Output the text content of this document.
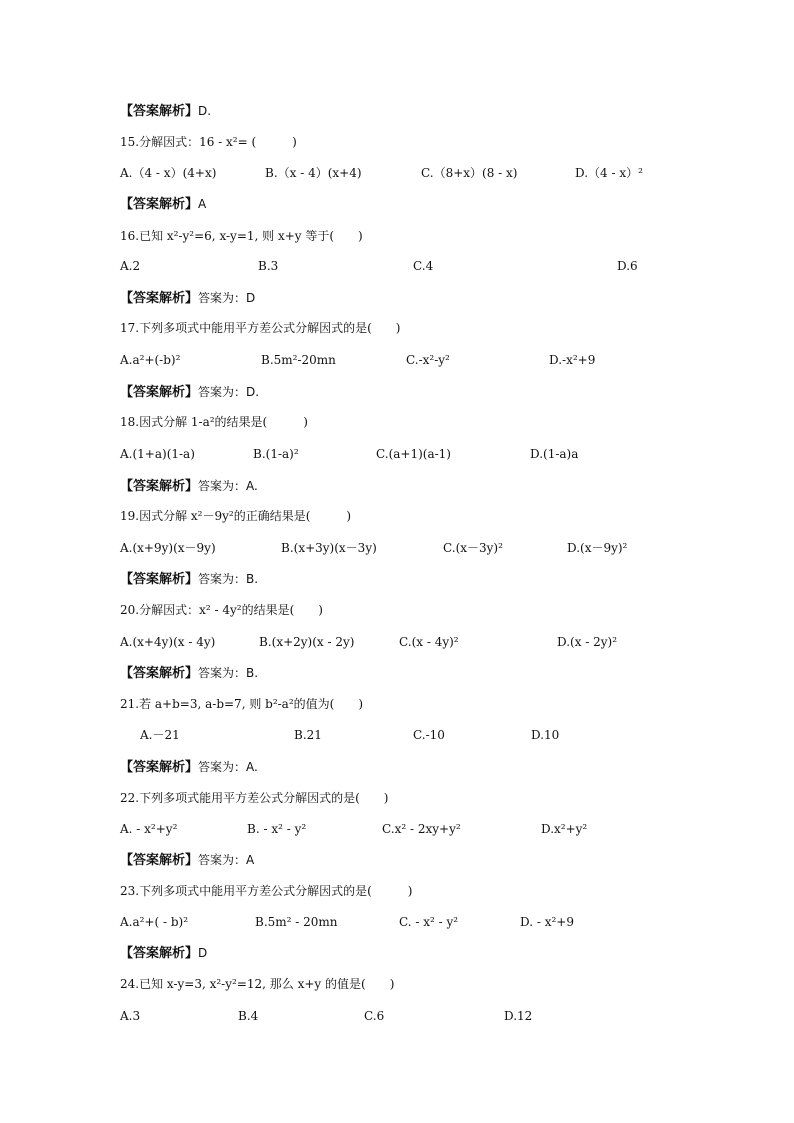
【答案解析】D.
15.分解因式：16 - x²= (　　　)
A.（4 - x）(4+x)	B.（x - 4）(x+4)	C.（8+x）(8 - x)	D.（4 - x）²
【答案解析】A
16.已知 x²-y²=6, x-y=1, 则 x+y 等于(　　)
A.2	B.3	C.4	D.6
【答案解析】答案为：D
17.下列多项式中能用平方差公式分解因式的是(　　)
A.a²+(-b)²	B.5m²-20mn	C.-x²-y²	D.-x²+9
【答案解析】答案为：D.
18.因式分解 1-a²的结果是(　　　)
A.(1+a)(1-a)	B.(1-a)²	C.(a+1)(a-1)	D.(1-a)a
【答案解析】答案为：A.
19.因式分解 x²－9y²的正确结果是(　　　)
A.(x+9y)(x－9y)	B.(x+3y)(x－3y)	C.(x－3y)²	D.(x－9y)²
【答案解析】答案为：B.
20.分解因式：x² - 4y²的结果是(　　)
A.(x+4y)(x - 4y)	B.(x+2y)(x - 2y)	C.(x - 4y)²	D.(x - 2y)²
【答案解析】答案为：B.
21.若 a+b=3, a-b=7, 则 b²-a²的值为(　　)
A.－21	B.21	C.-10	D.10
【答案解析】答案为：A.
22.下列多项式能用平方差公式分解因式的是(　　)
A. - x²+y²	B. - x² - y²	C.x² - 2xy+y²	D.x²+y²
【答案解析】答案为：A
23.下列多项式中能用平方差公式分解因式的是(　　　)
A.a²+( - b)²	B.5m² - 20mn	C. - x² - y²	D. - x²+9
【答案解析】D
24.已知 x-y=3, x²-y²=12, 那么 x+y 的值是(　　)
A.3	B.4	C.6	D.12
